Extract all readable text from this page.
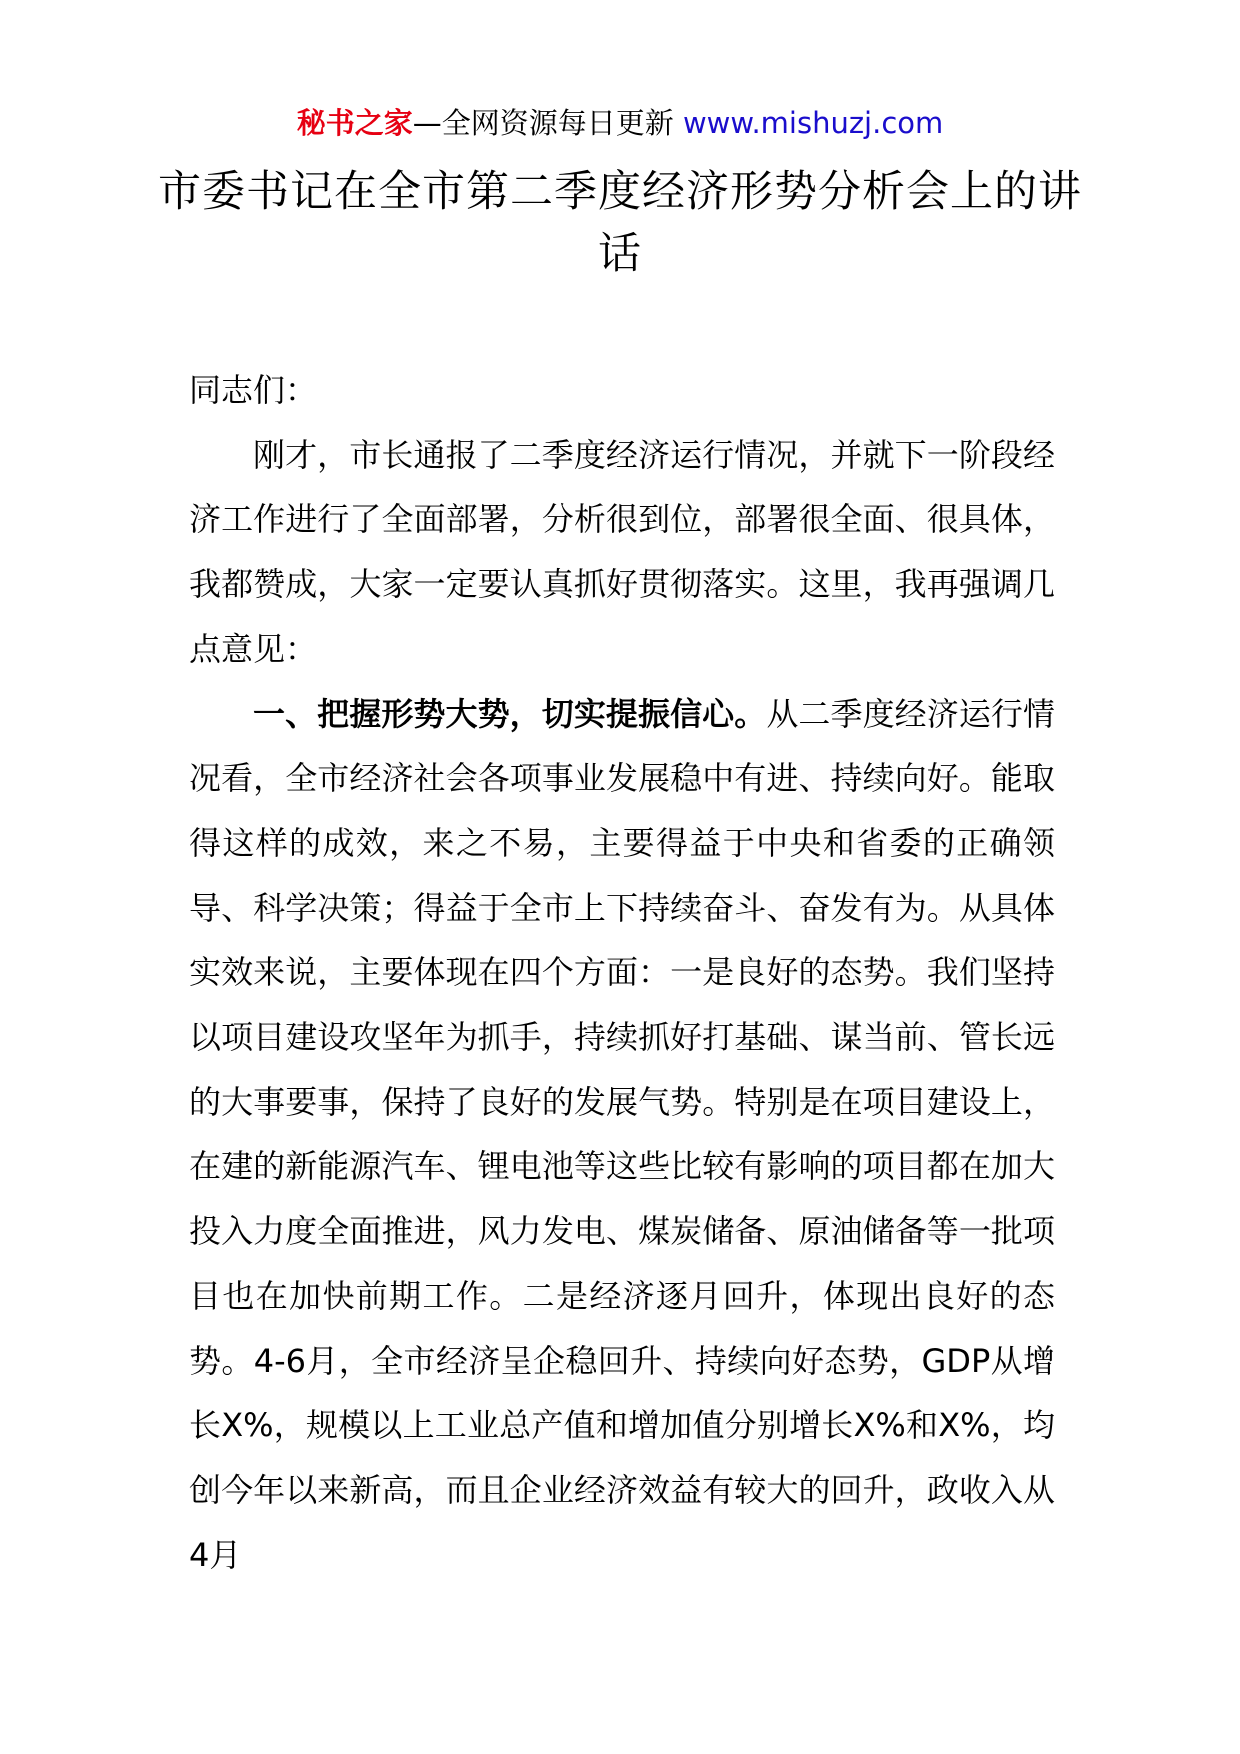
秘书之家—全网资源每日更新 www.mishuzj.com
市委书记在全市第二季度经济形势分析会上的讲话

同志们：

刚才，市长通报了二季度经济运行情况，并就下一阶段经济工作进行了全面部署，分析很到位，部署很全面、很具体，我都赞成，大家一定要认真抓好贯彻落实。这里，我再强调几点意见：

一、把握形势大势，切实提振信心。从二季度经济运行情况看，全市经济社会各项事业发展稳中有进、持续向好。能取得这样的成效，来之不易，主要得益于中央和省委的正确领导、科学决策；得益于全市上下持续奋斗、奋发有为。从具体实效来说，主要体现在四个方面：一是良好的态势。我们坚持以项目建设攻坚年为抓手，持续抓好打基础、谋当前、管长远的大事要事，保持了良好的发展气势。特别是在项目建设上，在建的新能源汽车、锂电池等这些比较有影响的项目都在加大投入力度全面推进，风力发电、煤炭储备、原油储备等一批项目也在加快前期工作。二是经济逐月回升，体现出良好的态势。4-6月，全市经济呈企稳回升、持续向好态势，GDP从增长X%，规模以上工业总产值和增加值分别增长X%和X%，均创今年以来新高，而且企业经济效益有较大的回升，政收入从4月
